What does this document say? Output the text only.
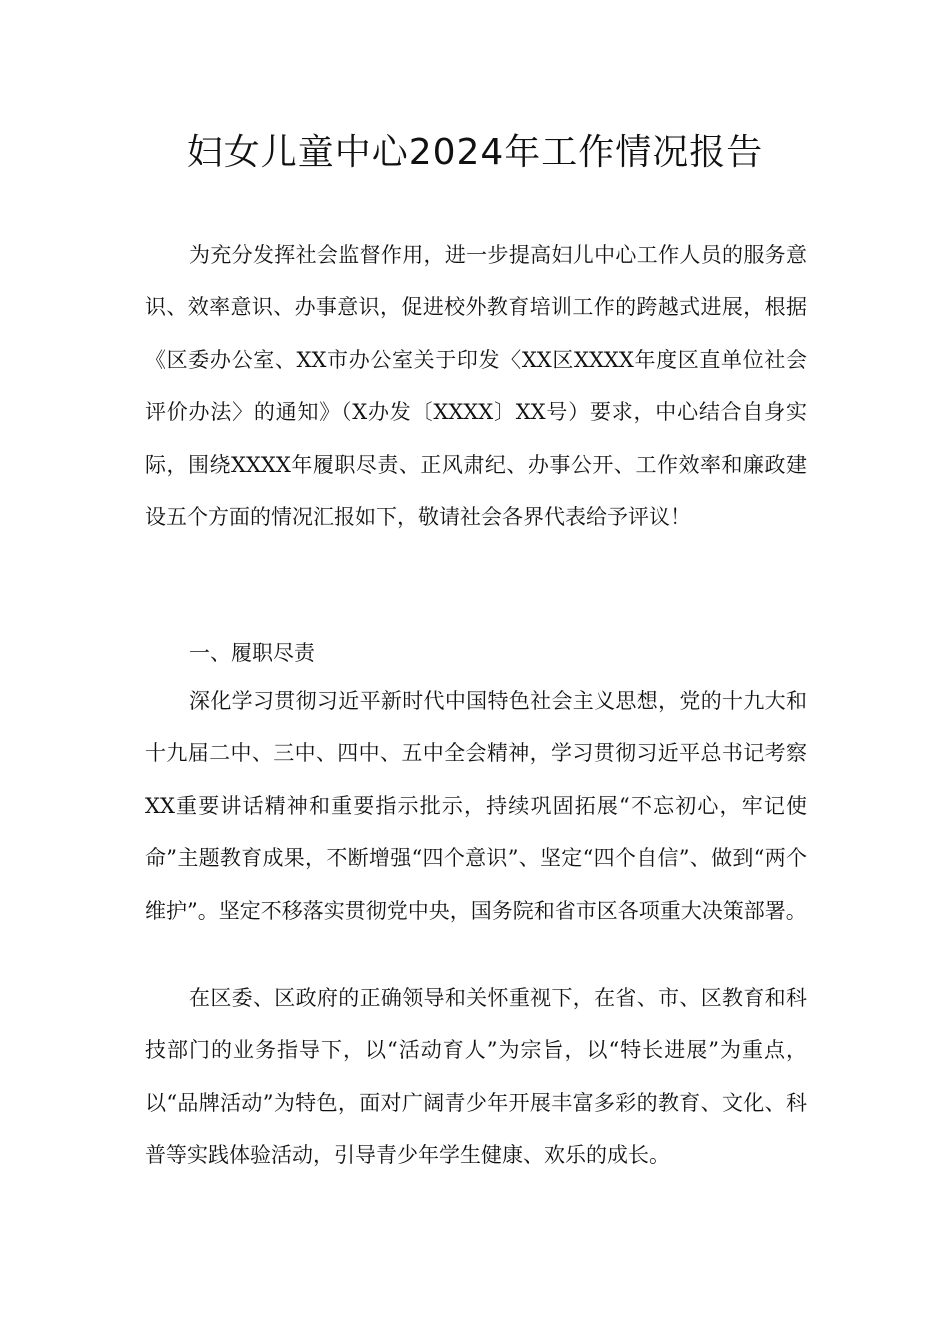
妇女儿童中心2024年工作情况报告

为充分发挥社会监督作用，进一步提高妇儿中心工作人员的服务意识、效率意识、办事意识，促进校外教育培训工作的跨越式进展，根据《区委办公室、XX市办公室关于印发〈XX区XXXX年度区直单位社会评价办法〉的通知》（X办发〔XXXX〕XX号）要求，中心结合自身实际，围绕XXXX年履职尽责、正风肃纪、办事公开、工作效率和廉政建设五个方面的情况汇报如下，敬请社会各界代表给予评议！

一、履职尽责

深化学习贯彻习近平新时代中国特色社会主义思想，党的十九大和十九届二中、三中、四中、五中全会精神，学习贯彻习近平总书记考察XX重要讲话精神和重要指示批示，持续巩固拓展“不忘初心，牢记使命”主题教育成果，不断增强“四个意识”、坚定“四个自信”、做到“两个维护”。坚定不移落实贯彻党中央，国务院和省市区各项重大决策部署。

在区委、区政府的正确领导和关怀重视下，在省、市、区教育和科技部门的业务指导下，以“活动育人”为宗旨，以“特长进展”为重点，以“品牌活动”为特色，面对广阔青少年开展丰富多彩的教育、文化、科普等实践体验活动，引导青少年学生健康、欢乐的成长。
